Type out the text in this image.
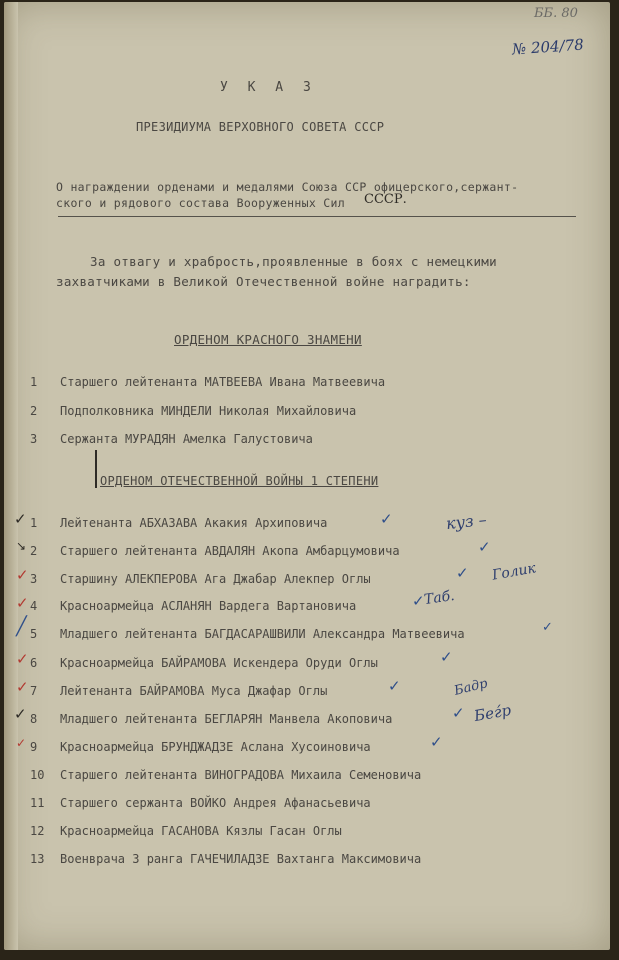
ББ. 80
№ 204/78
У К А З
ПРЕЗИДИУМА ВЕРХОВНОГО СОВЕТА СССР
О награждении орденами и медалями Союза ССР офицерского,сержант-
ского и рядового состава Вооруженных Сил СССР.
За отвагу и храбрость,проявленные в боях с немецкими
захватчиками в Великой Отечественной войне наградить:
ОРДЕНОМ КРАСНОГО ЗНАМЕНИ
1	Старшего лейтенанта МАТВЕЕВА Ивана Матвеевича
2	Подполковника МИНДЕЛИ Николая Михайловича
3	Сержанта МУРАДЯН Амелка Галустовича
ОРДЕНОМ ОТЕЧЕСТВЕННОЙ ВОЙНЫ 1 СТЕПЕНИ
1	Лейтенанта АБХАЗАВА Акакия Архиповича
2	Старшего лейтенанта АВДАЛЯН Акопа Амбарцумовича
3	Старшину АЛЕКПЕРОВА Ага Джабар Алекпер Оглы
4	Красноармейца АСЛАНЯН Вардега Вартановича
5	Младшего лейтенанта БАГДАСАРАШВИЛИ Александра Матвеевича
6	Красноармейца БАЙРАМОВА Искендера Оруди Оглы
7	Лейтенанта БАЙРАМОВА Муса Джафар Оглы
8	Младшего лейтенанта БЕГЛАРЯН Манвела Акоповича
9	Красноармейца БРУНДЖАДЗЕ Аслана Хусоиновича
10	Старшего лейтенанта ВИНОГРАДОВА Михаила Семеновича
11	Старшего сержанта ВОЙКО Андрея Афанасьевича
12	Красноармейца ГАСАНОВА Кязлы Гасан Оглы
13	Военврача 3 ранга ГАЧЕЧИЛАДЗЕ Вахтанга Максимовича
✓
↘
✓
✓
╱
✓
✓
✓
✓
✓
✓
✓
✓
✓
✓
✓
✓
✓
куз –
Голик
Таб.
Бадр
Беѓр
